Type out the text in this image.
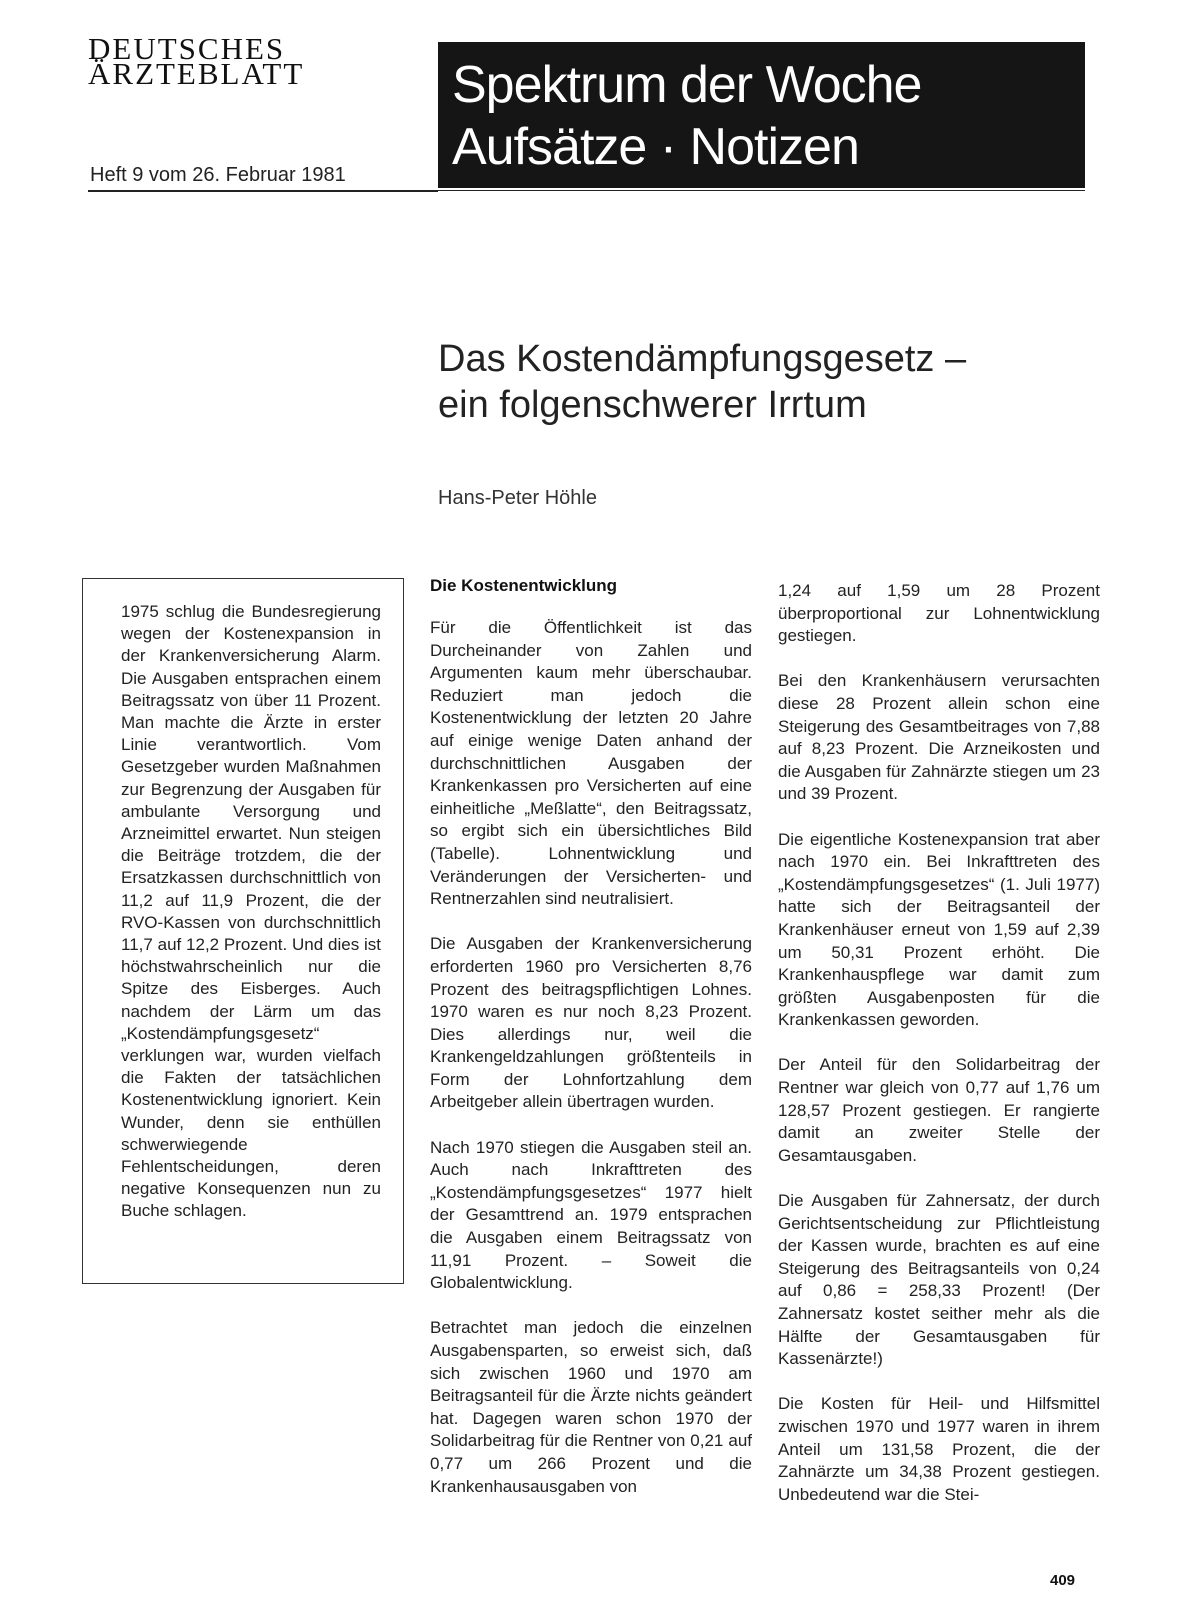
DEUTSCHES
ÄRZTEBLATT
Heft 9 vom 26. Februar 1981
Spektrum der Woche
Aufsätze · Notizen
Das Kostendämpfungsgesetz –
ein folgenschwerer Irrtum
Hans-Peter Höhle

1975 schlug die Bundesregierung wegen der Kostenexpansion in der Krankenversicherung Alarm. Die Ausgaben entsprachen einem Beitragssatz von über 11 Prozent. Man machte die Ärzte in erster Linie verantwortlich. Vom Gesetzgeber wurden Maßnahmen zur Begrenzung der Ausgaben für ambulante Versorgung und Arzneimittel erwartet. Nun steigen die Beiträge trotzdem, die der Ersatzkassen durchschnittlich von 11,2 auf 11,9 Prozent, die der RVO-Kassen von durchschnittlich 11,7 auf 12,2 Prozent. Und dies ist höchstwahrscheinlich nur die Spitze des Eisberges. Auch nachdem der Lärm um das „Kostendämpfungsgesetz“ verklungen war, wurden vielfach die Fakten der tatsächlichen Kostenentwicklung ignoriert. Kein Wunder, denn sie enthüllen schwerwiegende Fehlentscheidungen, deren negative Konsequenzen nun zu Buche schlagen.

Die Kostenentwicklung

Für die Öffentlichkeit ist das Durcheinander von Zahlen und Argumenten kaum mehr überschaubar. Reduziert man jedoch die Kostenentwicklung der letzten 20 Jahre auf einige wenige Daten anhand der durchschnittlichen Ausgaben der Krankenkassen pro Versicherten auf eine einheitliche „Meßlatte“, den Beitragssatz, so ergibt sich ein übersichtliches Bild (Tabelle). Lohnentwicklung und Veränderungen der Versicherten- und Rentnerzahlen sind neutralisiert.

Die Ausgaben der Krankenversicherung erforderten 1960 pro Versicherten 8,76 Prozent des beitragspflichtigen Lohnes. 1970 waren es nur noch 8,23 Prozent. Dies allerdings nur, weil die Krankengeldzahlungen größtenteils in Form der Lohnfortzahlung dem Arbeitgeber allein übertragen wurden.

Nach 1970 stiegen die Ausgaben steil an. Auch nach Inkrafttreten des „Kostendämpfungsgesetzes“ 1977 hielt der Gesamttrend an. 1979 entsprachen die Ausgaben einem Beitragssatz von 11,91 Prozent. – Soweit die Globalentwicklung.

Betrachtet man jedoch die einzelnen Ausgabensparten, so erweist sich, daß sich zwischen 1960 und 1970 am Beitragsanteil für die Ärzte nichts geändert hat. Dagegen waren schon 1970 der Solidarbeitrag für die Rentner von 0,21 auf 0,77 um 266 Prozent und die Krankenhausausgaben von

1,24 auf 1,59 um 28 Prozent überproportional zur Lohnentwicklung gestiegen.

Bei den Krankenhäusern verursachten diese 28 Prozent allein schon eine Steigerung des Gesamtbeitrages von 7,88 auf 8,23 Prozent. Die Arzneikosten und die Ausgaben für Zahnärzte stiegen um 23 und 39 Prozent.

Die eigentliche Kostenexpansion trat aber nach 1970 ein. Bei Inkrafttreten des „Kostendämpfungsgesetzes“ (1. Juli 1977) hatte sich der Beitragsanteil der Krankenhäuser erneut von 1,59 auf 2,39 um 50,31 Prozent erhöht. Die Krankenhauspflege war damit zum größten Ausgabenposten für die Krankenkassen geworden.

Der Anteil für den Solidarbeitrag der Rentner war gleich von 0,77 auf 1,76 um 128,57 Prozent gestiegen. Er rangierte damit an zweiter Stelle der Gesamtausgaben.

Die Ausgaben für Zahnersatz, der durch Gerichtsentscheidung zur Pflichtleistung der Kassen wurde, brachten es auf eine Steigerung des Beitragsanteils von 0,24 auf 0,86 = 258,33 Prozent! (Der Zahnersatz kostet seither mehr als die Hälfte der Gesamtausgaben für Kassenärzte!)

Die Kosten für Heil- und Hilfsmittel zwischen 1970 und 1977 waren in ihrem Anteil um 131,58 Prozent, die der Zahnärzte um 34,38 Prozent gestiegen. Unbedeutend war die Stei-

409
